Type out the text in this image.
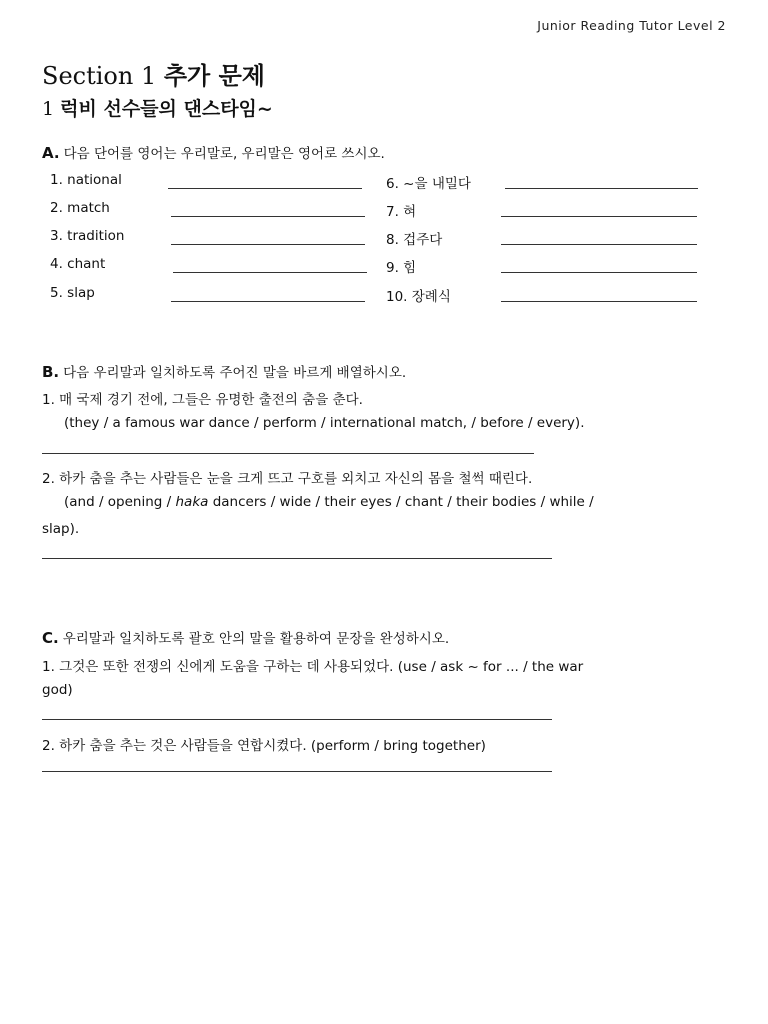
Junior Reading Tutor Level 2
Section 1 추가 문제
1 럭비 선수들의 댄스타임~
A. 다음 단어를 영어는 우리말로, 우리말은 영어로 쓰시오.
1. national	6. ~을 내밀다
2. match	7. 혀
3. tradition	8. 겁주다
4. chant	9. 힘
5. slap	10. 장례식
B. 다음 우리말과 일치하도록 주어진 말을 바르게 배열하시오.
1. 매 국제 경기 전에, 그들은 유명한 출전의 춤을 춘다.
(they / a famous war dance / perform / international match, / before / every).
2. 하카 춤을 추는 사람들은 눈을 크게 뜨고 구호를 외치고 자신의 몸을 철썩 때린다.
(and / opening / haka dancers / wide / their eyes / chant / their bodies / while /
slap).
C. 우리말과 일치하도록 괄호 안의 말을 활용하여 문장을 완성하시오.
1. 그것은 또한 전쟁의 신에게 도움을 구하는 데 사용되었다. (use / ask ~ for ... / the war
god)
2. 하카 춤을 추는 것은 사람들을 연합시켰다. (perform / bring together)
